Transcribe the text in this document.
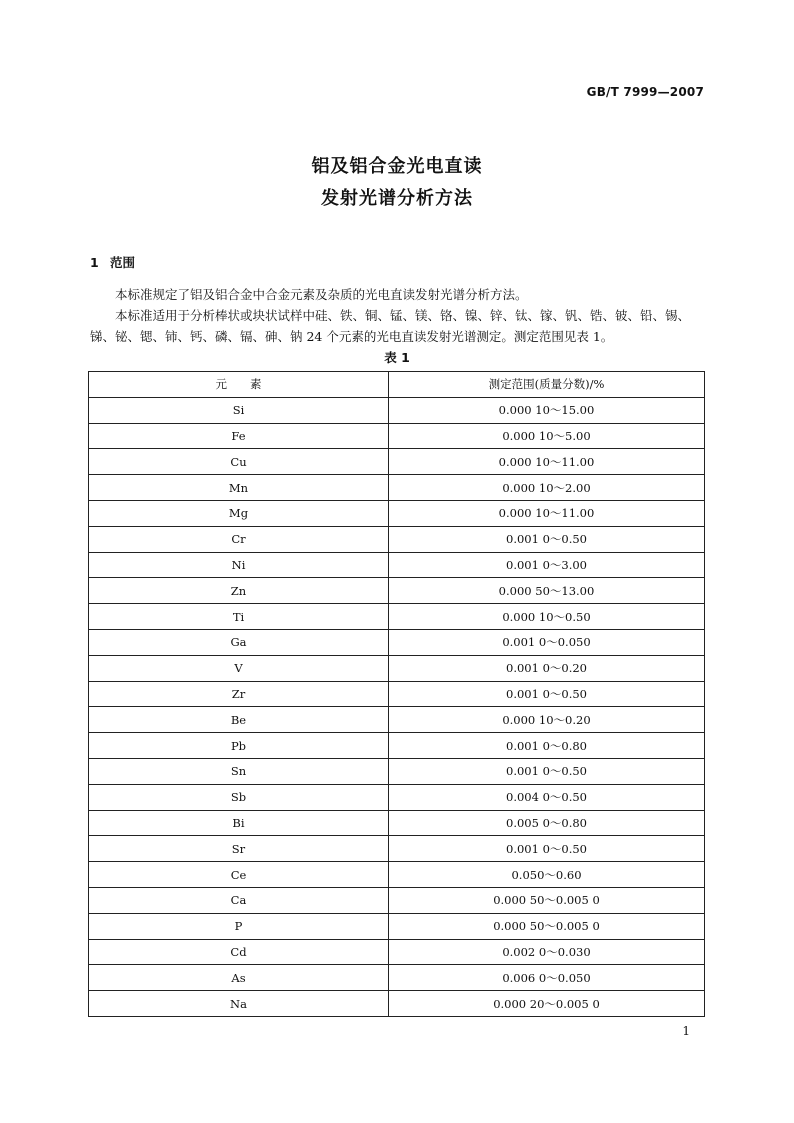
GB/T 7999—2007
铝及铝合金光电直读
发射光谱分析方法
1 范围
本标准规定了铝及铝合金中合金元素及杂质的光电直读发射光谱分析方法。
本标准适用于分析棒状或块状试样中硅、铁、铜、锰、镁、铬、镍、锌、钛、镓、钒、锆、铍、铅、锡、锑、铋、锶、铈、钙、磷、镉、砷、钠 24 个元素的光电直读发射光谱测定。测定范围见表 1。
表 1
元　　素	测定范围(质量分数)/%
Si	0.000 10～15.00
Fe	0.000 10～5.00
Cu	0.000 10～11.00
Mn	0.000 10～2.00
Mg	0.000 10～11.00
Cr	0.001 0～0.50
Ni	0.001 0～3.00
Zn	0.000 50～13.00
Ti	0.000 10～0.50
Ga	0.001 0～0.050
V	0.001 0～0.20
Zr	0.001 0～0.50
Be	0.000 10～0.20
Pb	0.001 0～0.80
Sn	0.001 0～0.50
Sb	0.004 0～0.50
Bi	0.005 0～0.80
Sr	0.001 0～0.50
Ce	0.050～0.60
Ca	0.000 50～0.005 0
P	0.000 50～0.005 0
Cd	0.002 0～0.030
As	0.006 0～0.050
Na	0.000 20～0.005 0
1
